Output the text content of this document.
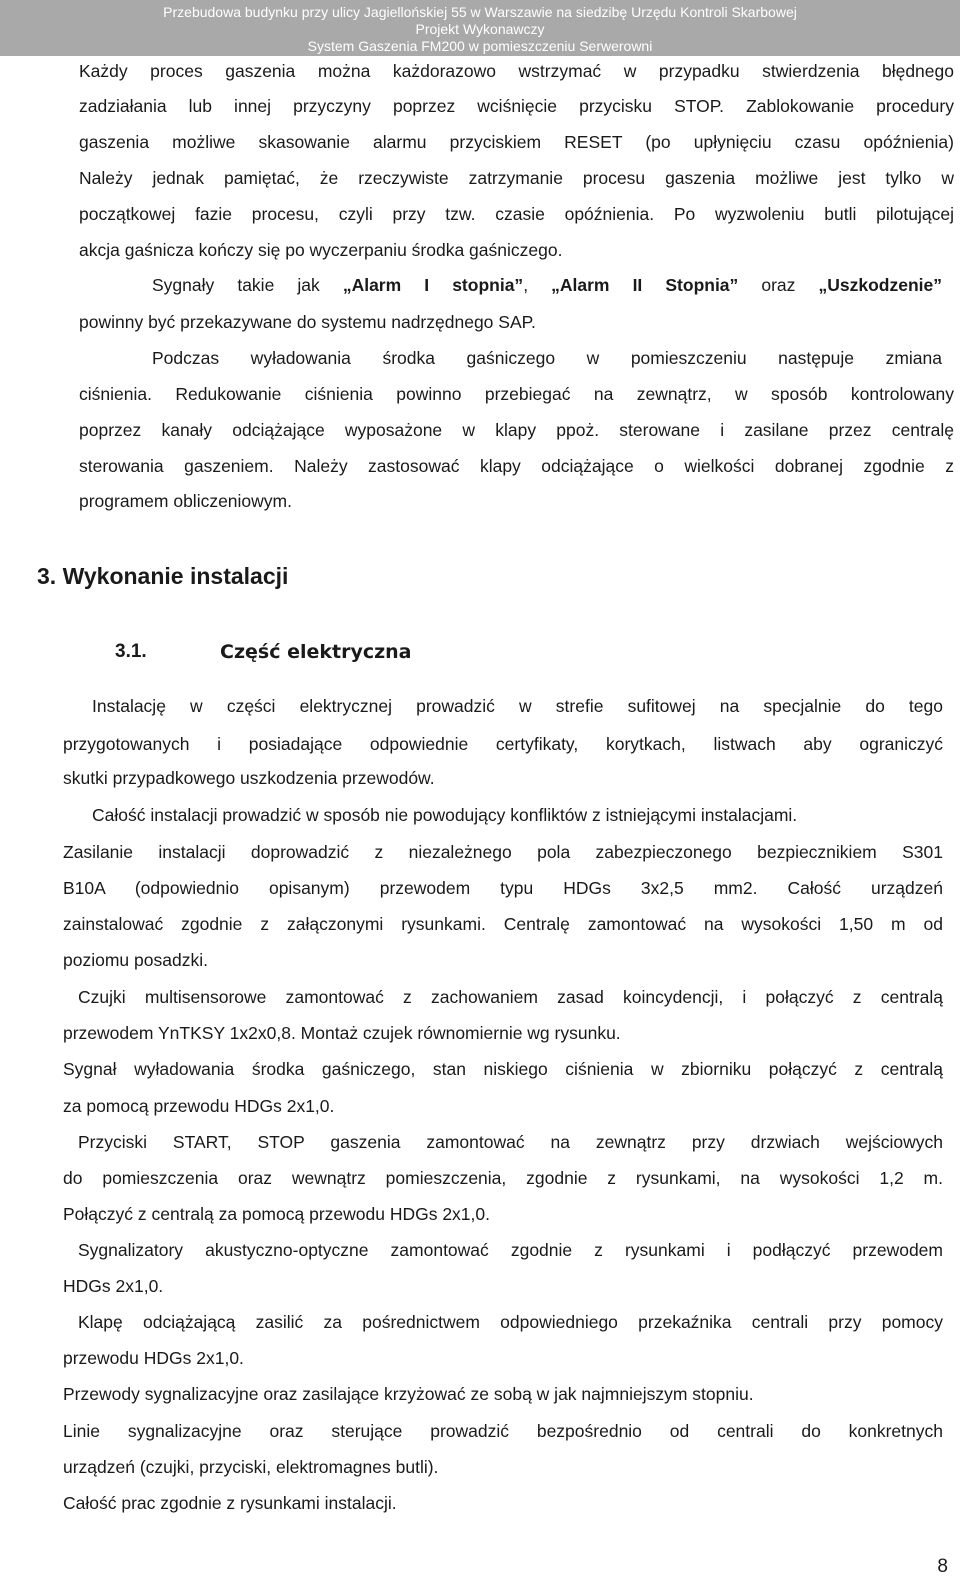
Przebudowa budynku przy ulicy Jagiellońskiej 55 w Warszawie na siedzibę Urzędu Kontroli Skarbowej
Projekt Wykonawczy
System Gaszenia FM200 w pomieszczeniu Serwerowni
Każdy proces gaszenia można każdorazowo wstrzymać w przypadku stwierdzenia błędnego
zadziałania lub innej przyczyny poprzez wciśnięcie przycisku STOP. Zablokowanie procedury
gaszenia możliwe skasowanie alarmu przyciskiem RESET (po upłynięciu czasu opóźnienia)
Należy jednak pamiętać, że rzeczywiste zatrzymanie procesu gaszenia możliwe jest tylko w
początkowej fazie procesu, czyli przy tzw. czasie opóźnienia. Po wyzwoleniu butli pilotującej
akcja gaśnicza kończy się po wyczerpaniu środka gaśniczego.
Sygnały takie jak „Alarm I stopnia”, „Alarm II Stopnia” oraz „Uszkodzenie”
powinny być przekazywane do systemu nadrzędnego SAP.
Podczas wyładowania środka gaśniczego w pomieszczeniu następuje zmiana
ciśnienia. Redukowanie ciśnienia powinno przebiegać na zewnątrz, w sposób kontrolowany
poprzez kanały odciążające wyposażone w klapy ppoż. sterowane i zasilane przez centralę
sterowania gaszeniem. Należy zastosować klapy odciążające o wielkości dobranej zgodnie z
programem obliczeniowym.
3. Wykonanie instalacji
3.1.	Część elektryczna
Instalację w części elektrycznej prowadzić w strefie sufitowej na specjalnie do tego
przygotowanych i posiadające odpowiednie certyfikaty, korytkach, listwach aby ograniczyć
skutki przypadkowego uszkodzenia przewodów.
Całość instalacji prowadzić w sposób nie powodujący konfliktów z istniejącymi instalacjami.
Zasilanie instalacji doprowadzić z niezależnego pola zabezpieczonego bezpiecznikiem S301
B10A (odpowiednio opisanym) przewodem typu HDGs 3x2,5 mm2. Całość urządzeń
zainstalować zgodnie z załączonymi rysunkami. Centralę zamontować na wysokości 1,50 m od
poziomu posadzki.
Czujki multisensorowe zamontować z zachowaniem zasad koincydencji, i połączyć z centralą
przewodem YnTKSY 1x2x0,8. Montaż czujek równomiernie wg rysunku.
Sygnał wyładowania środka gaśniczego, stan niskiego ciśnienia w zbiorniku połączyć z centralą
za pomocą przewodu HDGs 2x1,0.
Przyciski START, STOP gaszenia zamontować na zewnątrz przy drzwiach wejściowych
do pomieszczenia oraz wewnątrz pomieszczenia, zgodnie z rysunkami, na wysokości 1,2 m.
Połączyć z centralą za pomocą przewodu HDGs 2x1,0.
Sygnalizatory akustyczno-optyczne zamontować zgodnie z rysunkami i podłączyć przewodem
HDGs 2x1,0.
Klapę odciążającą zasilić za pośrednictwem odpowiedniego przekaźnika centrali przy pomocy
przewodu HDGs 2x1,0.
Przewody sygnalizacyjne oraz zasilające krzyżować ze sobą w jak najmniejszym stopniu.
Linie sygnalizacyjne oraz sterujące prowadzić bezpośrednio od centrali do konkretnych
urządzeń (czujki, przyciski, elektromagnes butli).
Całość prac zgodnie z rysunkami instalacji.
8
